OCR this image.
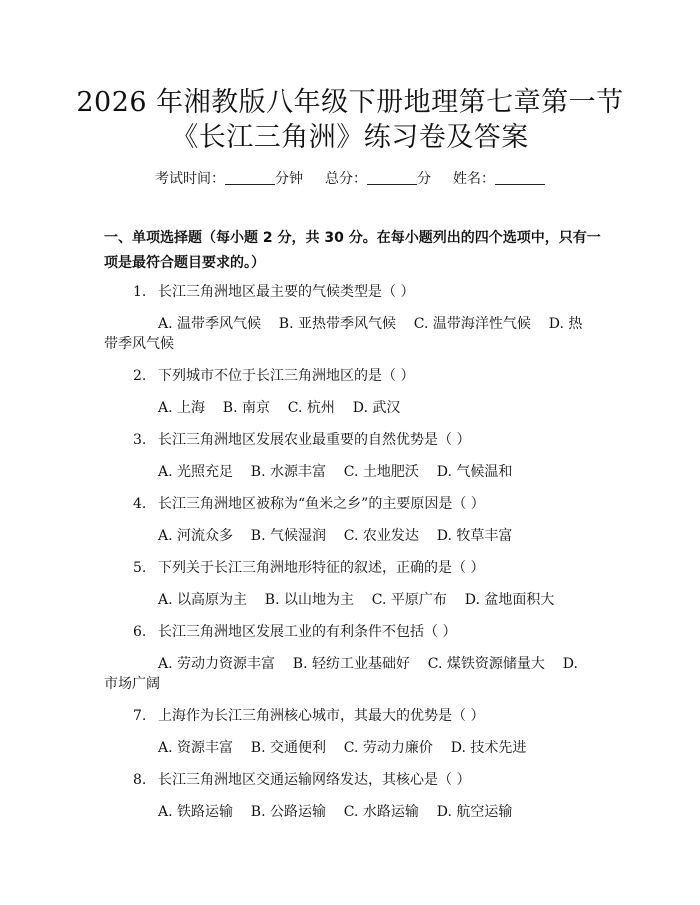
2026 年湘教版八年级下册地理第七章第一节
《长江三角洲》练习卷及答案
考试时间：	分钟 总分：	分 姓名：
一、单项选择题（每小题 2 分，共 30 分。在每小题列出的四个选项中，只有一项是最符合题目要求的。）
1. 长江三角洲地区最主要的气候类型是（ ）
A. 温带季风气候    B. 亚热带季风气候    C. 温带海洋性气候    D. 热
带季风气候
2. 下列城市不位于长江三角洲地区的是（ ）
A. 上海    B. 南京    C. 杭州    D. 武汉
3. 长江三角洲地区发展农业最重要的自然优势是（ ）
A. 光照充足    B. 水源丰富    C. 土地肥沃    D. 气候温和
4. 长江三角洲地区被称为“鱼米之乡”的主要原因是（ ）
A. 河流众多    B. 气候湿润    C. 农业发达    D. 牧草丰富
5. 下列关于长江三角洲地形特征的叙述，正确的是（ ）
A. 以高原为主    B. 以山地为主    C. 平原广布    D. 盆地面积大
6. 长江三角洲地区发展工业的有利条件不包括（ ）
A. 劳动力资源丰富    B. 轻纺工业基础好    C. 煤铁资源储量大    D.
市场广阔
7. 上海作为长江三角洲核心城市，其最大的优势是（ ）
A. 资源丰富    B. 交通便利    C. 劳动力廉价    D. 技术先进
8. 长江三角洲地区交通运输网络发达，其核心是（ ）
A. 铁路运输    B. 公路运输    C. 水路运输    D. 航空运输
